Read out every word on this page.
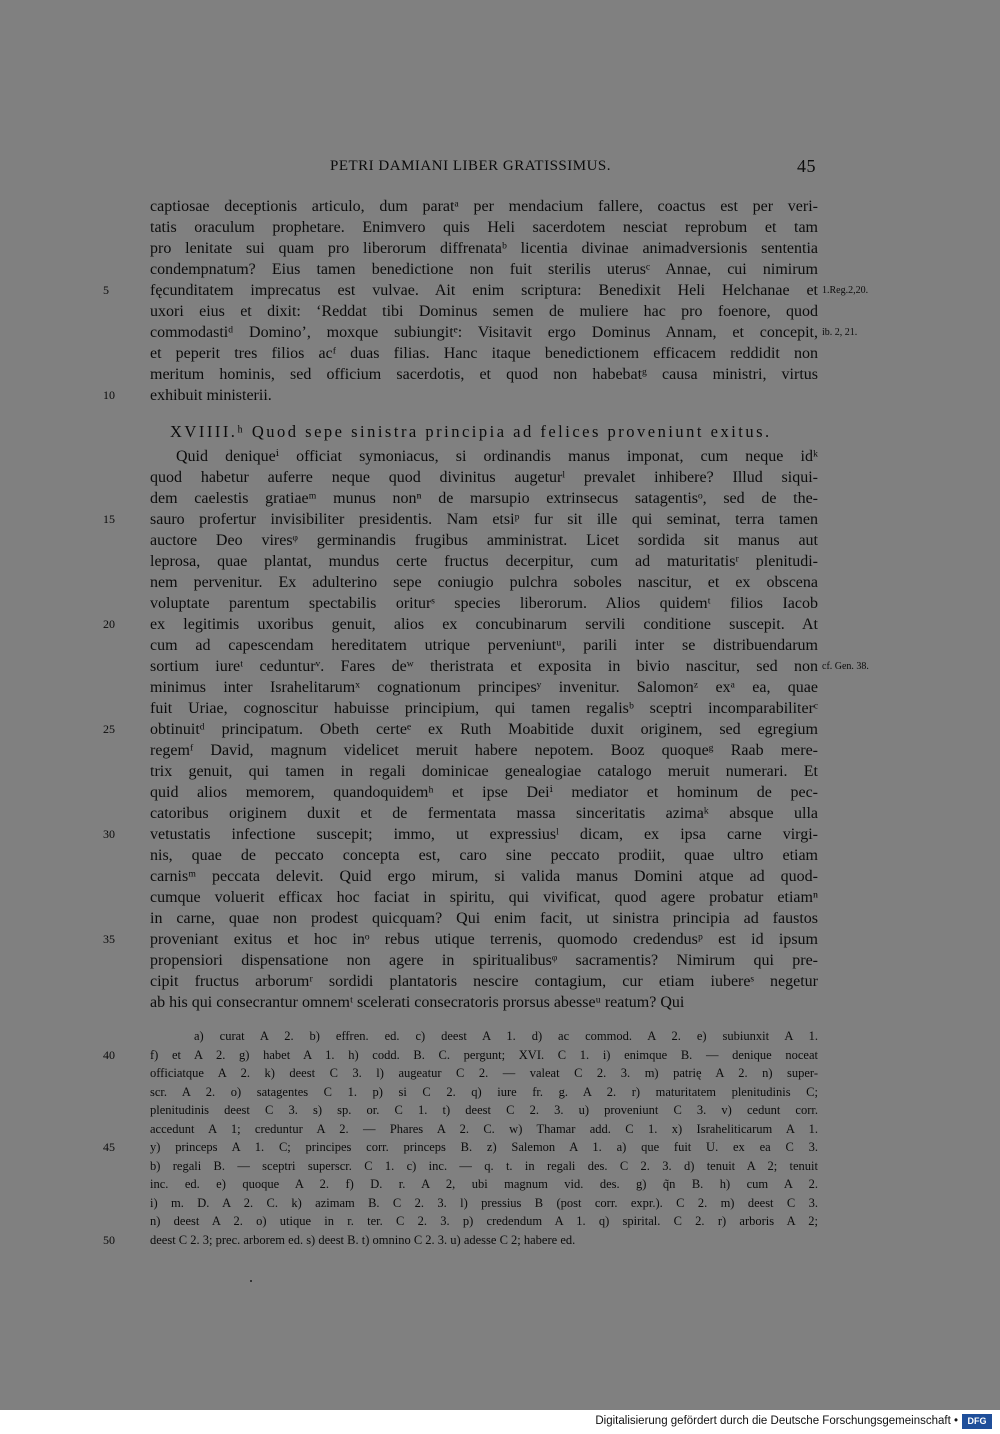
PETRI DAMIANI LIBER GRATISSIMUS.	45
captiosae deceptionis articulo, dum paratᵃ per mendacium fallere, coactus est per veri-
tatis oraculum prophetare. Enimvero quis Heli sacerdotem nesciat reprobum et tam
pro lenitate sui quam pro liberorum diffrenataᵇ licentia divinae animadversionis sententia
condempnatum? Eius tamen benedictione non fuit sterilis uterusᶜ Annae, cui nimirum
fęcunditatem imprecatus est vulvae. Ait enim scriptura: Benedixit Heli Helchanae et
5	1.Reg.2,20.
uxori eius et dixit: ‘Reddat tibi Dominus semen de muliere hac pro foenore, quod
commodastiᵈ Domino’, moxque subiungitᵉ: Visitavit ergo Dominus Annam, et concepit, ib. 2, 21.
et peperit tres filios acᶠ duas filias. Hanc itaque benedictionem efficacem reddidit non
meritum hominis, sed officium sacerdotis, et quod non habebatᵍ causa ministri, virtus
exhibuit ministerii.
10
XVIIII.ʰ Quod sepe sinistra principia ad felices proveniunt exitus.
Quid deniqueⁱ officiat symoniacus, si ordinandis manus imponat, cum neque idᵏ
quod habetur auferre neque quod divinitus augeturˡ prevalet inhibere? Illud siqui-
dem caelestis gratiaeᵐ munus nonⁿ de marsupio extrinsecus satagentisᵒ, sed de the-
sauro profertur invisibiliter presidentis. Nam etsiᵖ fur sit ille qui seminat, terra tamen
15
auctore Deo viresᵠ germinandis frugibus amministrat. Licet sordida sit manus aut
leprosa, quae plantat, mundus certe fructus decerpitur, cum ad maturitatisʳ plenitudi-
nem pervenitur. Ex adulterino sepe coniugio pulchra soboles nascitur, et ex obscena
voluptate parentum spectabilis oriturˢ species liberorum. Alios quidemᵗ filios Iacob
ex legitimis uxoribus genuit, alios ex concubinarum servili conditione suscepit. At
20
cum ad capescendam hereditatem utrique perveniuntᵘ, parili inter se distribuendarum
sortium iureᵗ cedunturᵛ. Fares deʷ theristrata et exposita in bivio nascitur, sed non cf. Gen. 38.
minimus inter Israhelitarumˣ cognationum principesʸ invenitur. Salomonᶻ exᵃ ea, quae
fuit Uriae, cognoscitur habuisse principium, qui tamen regalisᵇ sceptri incomparabiliterᶜ
obtinuitᵈ principatum. Obeth certeᵉ ex Ruth Moabitide duxit originem, sed egregium
25
regemᶠ David, magnum videlicet meruit habere nepotem. Booz quoqueᵍ Raab mere-
trix genuit, qui tamen in regali dominicae genealogiae catalogo meruit numerari. Et
quid alios memorem, quandoquidemʰ et ipse Deiⁱ mediator et hominum de pec-
catoribus originem duxit et de fermentata massa sinceritatis azimaᵏ absque ulla
vetustatis infectione suscepit; immo, ut expressiusˡ dicam, ex ipsa carne virgi-
30
nis, quae de peccato concepta est, caro sine peccato prodiit, quae ultro etiam
carnisᵐ peccata delevit. Quid ergo mirum, si valida manus Domini atque ad quod-
cumque voluerit efficax hoc faciat in spiritu, qui vivificat, quod agere probatur etiamⁿ
in carne, quae non prodest quicquam? Qui enim facit, ut sinistra principia ad faustos
proveniant exitus et hoc inᵒ rebus utique terrenis, quomodo credendusᵖ est id ipsum
35
propensiori dispensatione non agere in spiritualibusᵠ sacramentis? Nimirum qui pre-
cipit fructus arborumʳ sordidi plantatoris nescire contagium, cur etiam iubereˢ negetur
ab his qui consecrantur omnemᵗ scelerati consecratoris prorsus abesseᵘ reatum? Qui
a) curat A 2. b) effren. ed. c) deest A 1. d) ac commod. A 2. e) subiunxit A 1.
f) et A 2. g) habet A 1. h) codd. B. C. pergunt; XVI. C 1. i) enimque B. — denique noceat
40
officiatque A 2. k) deest C 3. l) augeatur C 2. — valeat C 2. 3. m) patrię A 2. n) super-
scr. A 2. o) satagentes C 1. p) si C 2. q) iure fr. g. A 2. r) maturitatem plenitudinis C;
plenitudinis deest C 3. s) sp. or. C 1. t) deest C 2. 3. u) proveniunt C 3. v) cedunt corr.
accedunt A 1; creduntur A 2. — Phares A 2. C. w) Thamar add. C 1. x) Israheliticarum A 1.
y) princeps A 1. C; principes corr. princeps B. z) Salemon A 1. a) que fuit U. ex ea C 3.
45
b) regali B. — sceptri superscr. C 1. c) inc. — q. t. in regali des. C 2. 3. d) tenuit A 2; tenuit
inc. ed. e) quoque A 2. f) D. r. A 2, ubi magnum vid. des. g) q̃n B. h) cum A 2.
i) m. D. A 2. C. k) azimam B. C 2. 3. l) pressius B (post corr. expr.). C 2. m) deest C 3.
n) deest A 2. o) utique in r. ter. C 2. 3. p) credendum A 1. q) spirital. C 2. r) arboris A 2;
deest C 2. 3; prec. arborem ed. s) deest B. t) omnino C 2. 3. u) adesse C 2; habere ed.
50
Digitalisierung gefördert durch die Deutsche Forschungsgemeinschaft •	DFG
